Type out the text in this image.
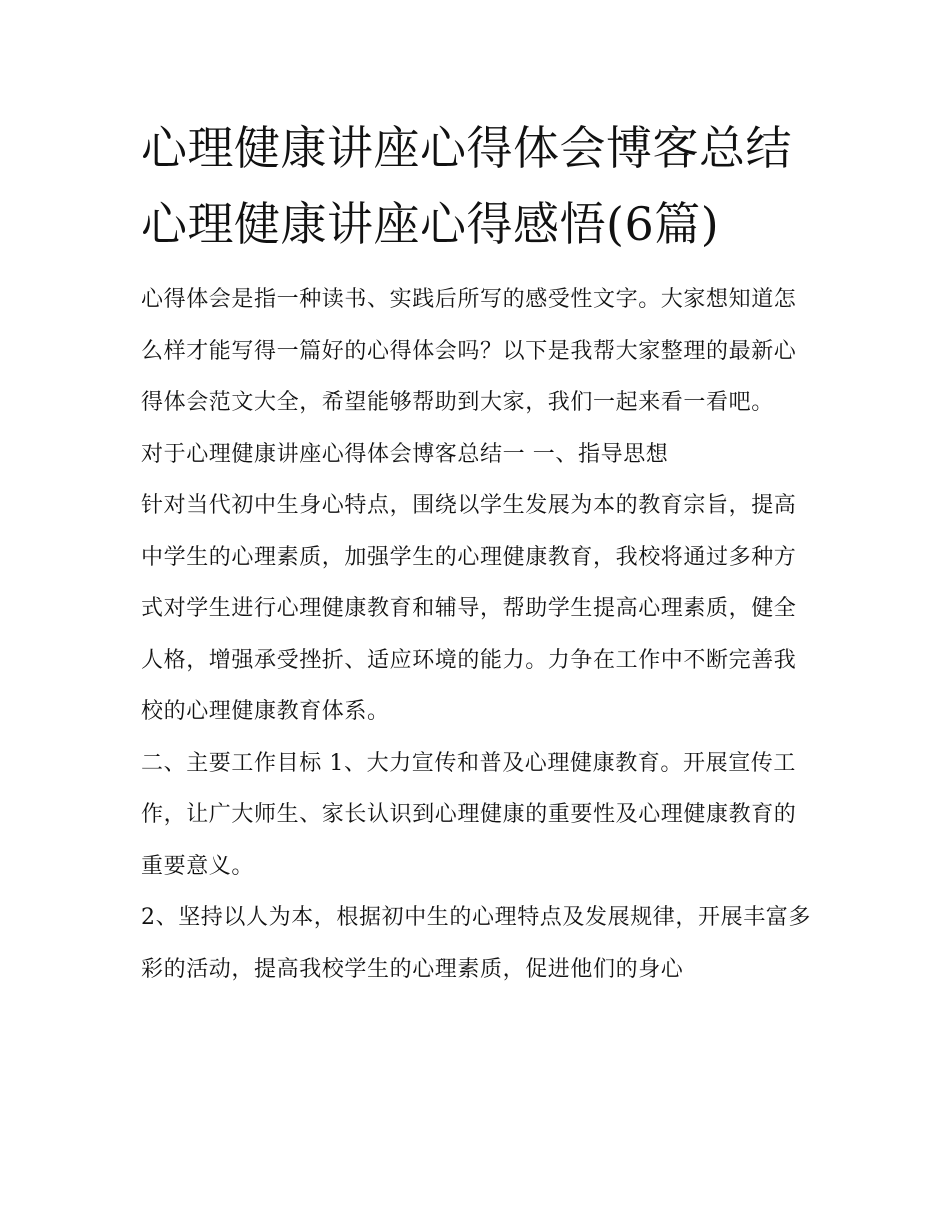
心理健康讲座心得体会博客总结 心理健康讲座心得感悟(6篇)

心得体会是指一种读书、实践后所写的感受性文字。大家想知道怎么样才能写得一篇好的心得体会吗？以下是我帮大家整理的最新心得体会范文大全，希望能够帮助到大家，我们一起来看一看吧。

对于心理健康讲座心得体会博客总结一 一、指导思想

针对当代初中生身心特点，围绕以学生发展为本的教育宗旨，提高中学生的心理素质，加强学生的心理健康教育，我校将通过多种方式对学生进行心理健康教育和辅导，帮助学生提高心理素质，健全人格，增强承受挫折、适应环境的能力。力争在工作中不断完善我校的心理健康教育体系。

二、主要工作目标 1、大力宣传和普及心理健康教育。开展宣传工作，让广大师生、家长认识到心理健康的重要性及心理健康教育的重要意义。

2、坚持以人为本，根据初中生的心理特点及发展规律，开展丰富多彩的活动，提高我校学生的心理素质，促进他们的身心
